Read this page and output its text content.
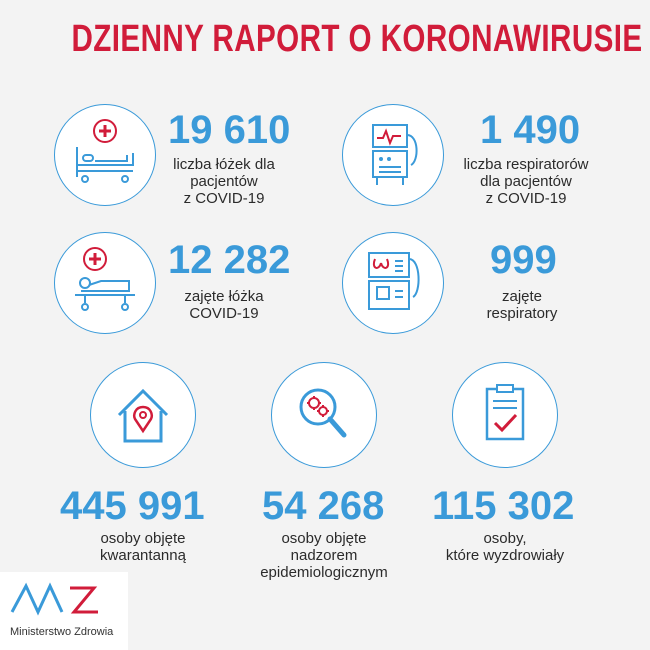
DZIENNY RAPORT O KORONAWIRUSIE
19 610
liczba łóżek dla
pacjentów
z COVID-19
1 490
liczba respiratorów
dla pacjentów
z COVID-19
12 282
zajęte łóżka
COVID-19
999
zajęte
respiratory
445 991
osoby objęte
kwarantanną
54 268
osoby objęte
nadzorem
epidemiologicznym
115 302
osoby,
które wyzdrowiały
Ministerstwo Zdrowia
